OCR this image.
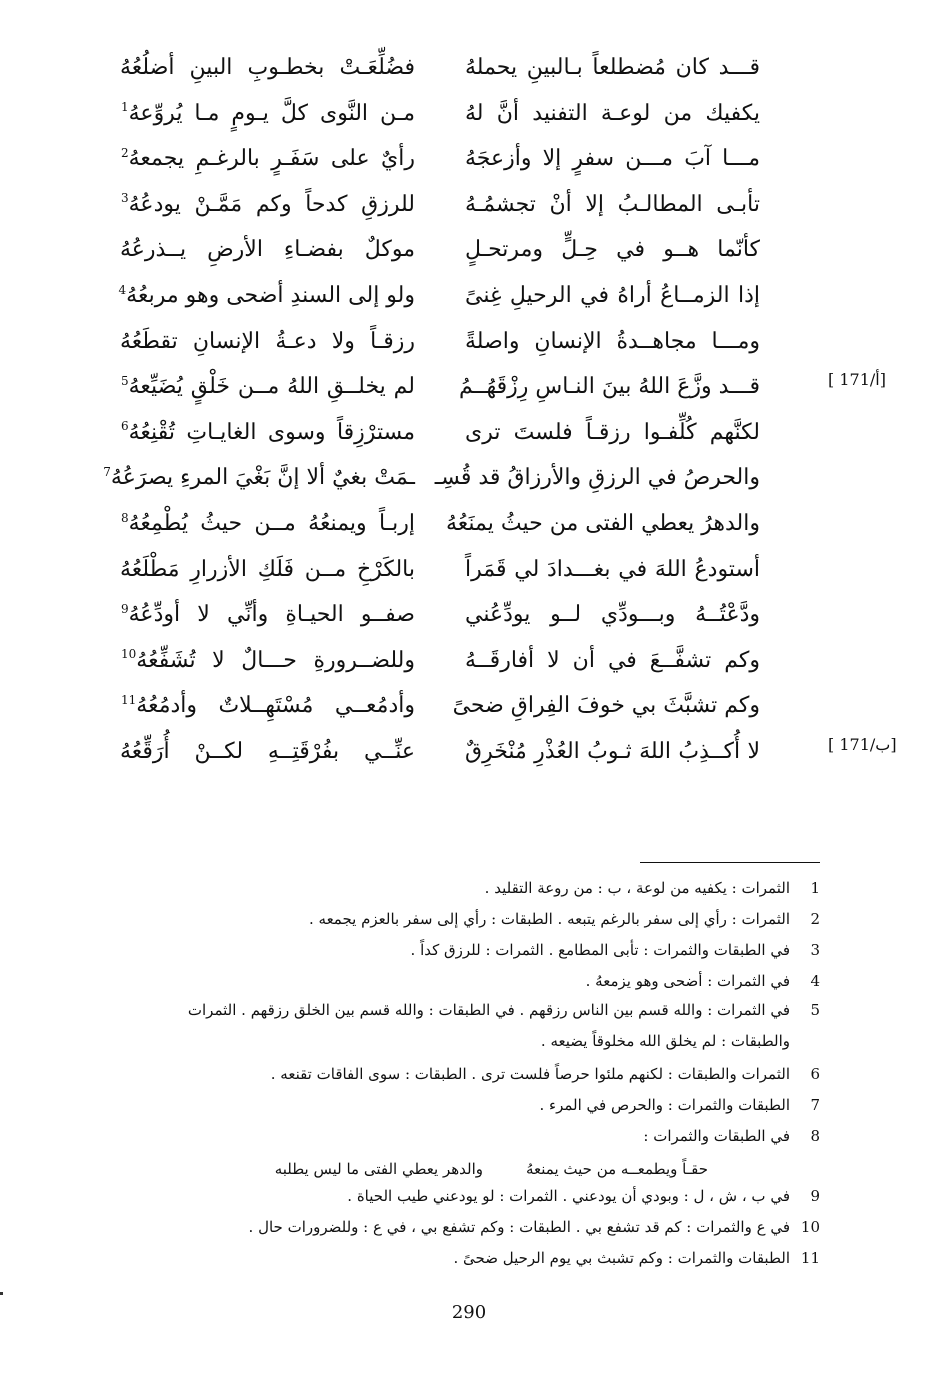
قـــد كان مُضطلعاً بـالبينِ يحملهُ
فضُلِّعَـتْ بخطـوبِ البينِ أضلُعُهُ
يكفيك من لوعـة التفنيد أنَّ لهُ
مـن النَّوى كلَّ يـومٍ مـا يُروِّعهُ$^1$
مـــا آبَ مـــن سفرٍ إلا وأزعجَهُ
رأيٌ على سَفَـرٍ بالرغـمِ يجمعهُ$^2$
تأبـى المطالـبُ إلا أنْ تجشمُـهُ
للرزقِ كدحاً وكم مَمَّـنْ يودعُهُ$^3$
كأنّما هــو في حِـلٍّ ومرتحـلٍ
موكلٌ بفضـاءِ الأرضِ يــذرعُهُ
إذا الزمــاعُ أراهُ في الرحيلِ غِنىً
ولو إلى السندِ أضحى وهو مربعُهُ$^4$
ومـــا مجاهــدةُ الإنسانِ واصلةً
رزقـاً ولا دعـةُ الإنسانِ تقطَعُهُ
قـــد وزَّعَ اللهُ بينَ النـاسِ رِزْقَهُــمُ
لم يخلــقِ اللهُ مــن خَلْقٍ يُضَيِّعهُ$^5$
لكنَّهم كُلِّفـوا رزقـاً فلستَ ترى
مسترْزِقاً وسوى الغايـاتِ تُقْنِعُهُ$^6$
والحرصُ في الرزقِ والأرزاقُ قد قُسِـ
ـمَتْ بغيٌ ألا إنَّ بَغْيَ المرءِ يصرَعُهُ$^7$
والدهرُ يعطي الفتى من حيثُ يمنَعُهُ
إربـاً ويمنعُهُ مــن حيثُ يُطْمِعُهُ$^8$
أستودعُ اللهَ في بغـــدادَ لي قَمَراً
بالكَرْخِ مــن فَلَكِ الأزرارِ مَطْلَعُهُ
ودَّعْتُــهُ وبـــودِّي لــو يودِّعُني
صفــو الحيـاةِ وأنِّي لا أودِّعُهُ$^9$
وكم تشفَّــعَ في أن لا أفارقَــهُ
وللضــرورةِ حـــالٌ لا تُشَفِّعُهُ$^{10}$
وكم تشبَّثَ بي خوفَ الفِراقِ ضحىً
وأدمُعــي مُسْتَهِــلاتٌ وأدمُعُهُ$^{11}$
لا أُكــذِبُ اللهَ ثـوبُ العُذْرِ مُنْخَرِقٌ
عنِّــي بفُرْقَتِــهِ لكــنْ أُرَقِّعُهُ
[ 171/أ]
[ 171/ب]
1الثمرات : يكفيه من لوعة ، ب : من روعة التقليد .
2الثمرات : رأي إلى سفر بالرغم يتبعه . الطبقات : رأي إلى سفر بالعزم يجمعه .
3في الطبقات والثمرات : تأبى المطامع . الثمرات : للرزق كداً .
4في الثمرات : أضحى وهو يزمعهُ .
5في الثمرات : والله قسم بين الناس رزقهم . في الطبقات : والله قسم بين الخلق رزقهم . الثمرات
والطبقات : لم يخلق الله مخلوقاً يضيعه .
6الثمرات والطبقات : لكنهم ملئوا حرصاً فلست ترى . الطبقات : سوى الفاقات تقنعه .
7الطبقات والثمرات : والحرص في المرء .
8في الطبقات والثمرات :
9في ب ، ش ، ل : وبودي أن يودعني . الثمرات : لو يودعني طيب الحياة .
10في ع والثمرات : كم قد تشفع بي . الطبقات : وكم تشفع بي ، في ع : وللضرورات حال .
11الطبقات والثمرات : وكم تشبث بي يوم الرحيل ضحىً .
والدهر يعطي الفتى ما ليس يطلبه	حقـاً ويطمعــه من حيث يمنعهُ
290
